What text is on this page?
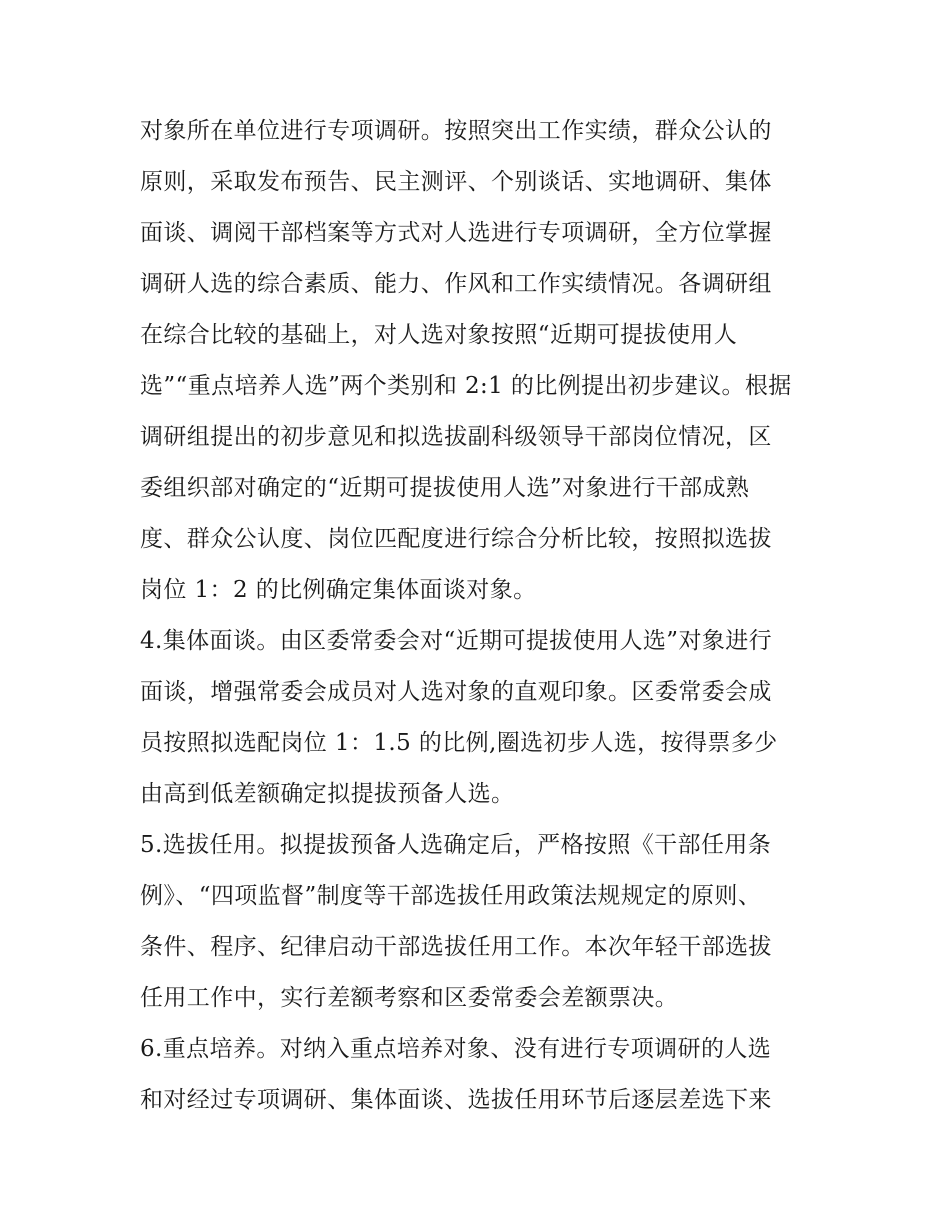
对象所在单位进行专项调研。按照突出工作实绩，群众公认的
原则，采取发布预告、民主测评、个别谈话、实地调研、集体
面谈、调阅干部档案等方式对人选进行专项调研，全方位掌握
调研人选的综合素质、能力、作风和工作实绩情况。各调研组
在综合比较的基础上，对人选对象按照“近期可提拔使用人
选”“重点培养人选”两个类别和 2:1 的比例提出初步建议。根据
调研组提出的初步意见和拟选拔副科级领导干部岗位情况，区
委组织部对确定的“近期可提拔使用人选”对象进行干部成熟
度、群众公认度、岗位匹配度进行综合分析比较，按照拟选拔
岗位 1：2 的比例确定集体面谈对象。
4.集体面谈。由区委常委会对“近期可提拔使用人选”对象进行
面谈，增强常委会成员对人选对象的直观印象。区委常委会成
员按照拟选配岗位 1：1.5 的比例,圈选初步人选，按得票多少
由高到低差额确定拟提拔预备人选。
5.选拔任用。拟提拔预备人选确定后，严格按照《干部任用条
例》、“四项监督”制度等干部选拔任用政策法规规定的原则、
条件、程序、纪律启动干部选拔任用工作。本次年轻干部选拔
任用工作中，实行差额考察和区委常委会差额票决。
6.重点培养。对纳入重点培养对象、没有进行专项调研的人选
和对经过专项调研、集体面谈、选拔任用环节后逐层差选下来
